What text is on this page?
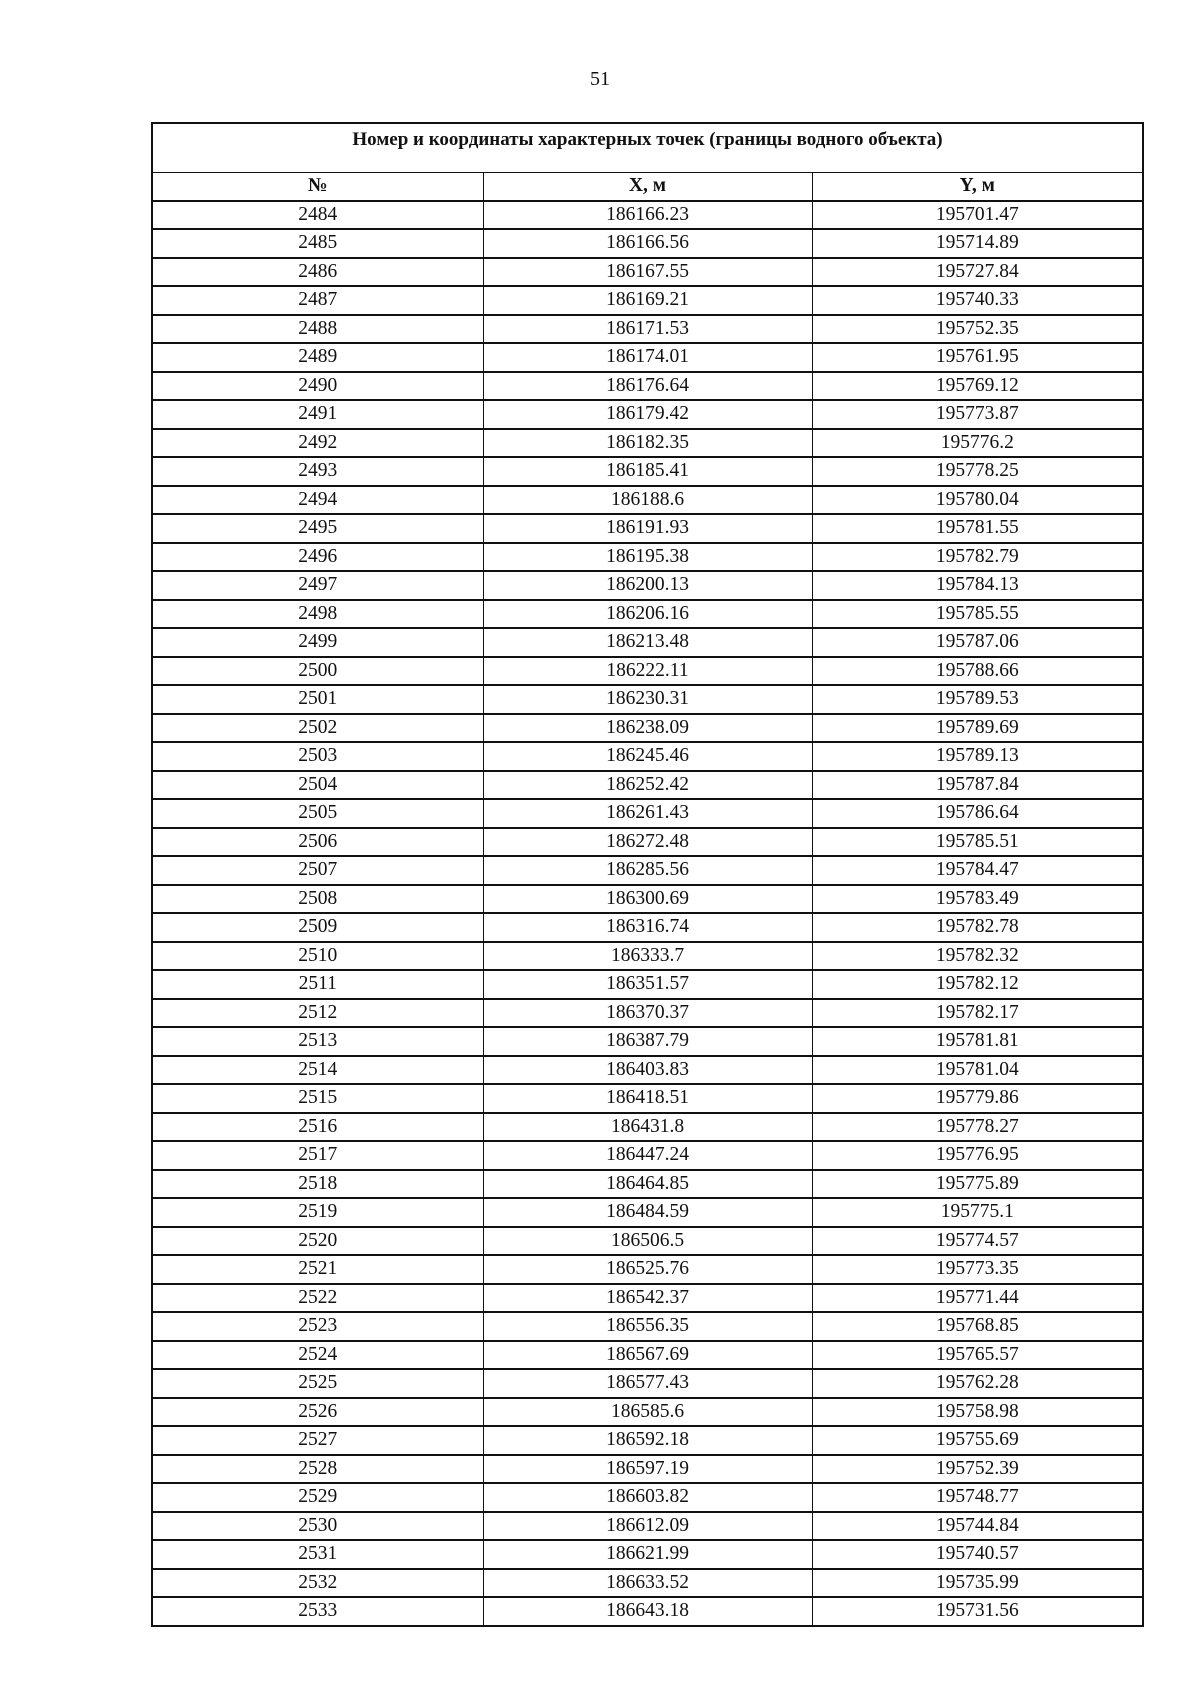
51
Номер и координаты характерных точек (границы водного объекта)
№	X, м	Y, м
2484	186166.23	195701.47
2485	186166.56	195714.89
2486	186167.55	195727.84
2487	186169.21	195740.33
2488	186171.53	195752.35
2489	186174.01	195761.95
2490	186176.64	195769.12
2491	186179.42	195773.87
2492	186182.35	195776.2
2493	186185.41	195778.25
2494	186188.6	195780.04
2495	186191.93	195781.55
2496	186195.38	195782.79
2497	186200.13	195784.13
2498	186206.16	195785.55
2499	186213.48	195787.06
2500	186222.11	195788.66
2501	186230.31	195789.53
2502	186238.09	195789.69
2503	186245.46	195789.13
2504	186252.42	195787.84
2505	186261.43	195786.64
2506	186272.48	195785.51
2507	186285.56	195784.47
2508	186300.69	195783.49
2509	186316.74	195782.78
2510	186333.7	195782.32
2511	186351.57	195782.12
2512	186370.37	195782.17
2513	186387.79	195781.81
2514	186403.83	195781.04
2515	186418.51	195779.86
2516	186431.8	195778.27
2517	186447.24	195776.95
2518	186464.85	195775.89
2519	186484.59	195775.1
2520	186506.5	195774.57
2521	186525.76	195773.35
2522	186542.37	195771.44
2523	186556.35	195768.85
2524	186567.69	195765.57
2525	186577.43	195762.28
2526	186585.6	195758.98
2527	186592.18	195755.69
2528	186597.19	195752.39
2529	186603.82	195748.77
2530	186612.09	195744.84
2531	186621.99	195740.57
2532	186633.52	195735.99
2533	186643.18	195731.56
